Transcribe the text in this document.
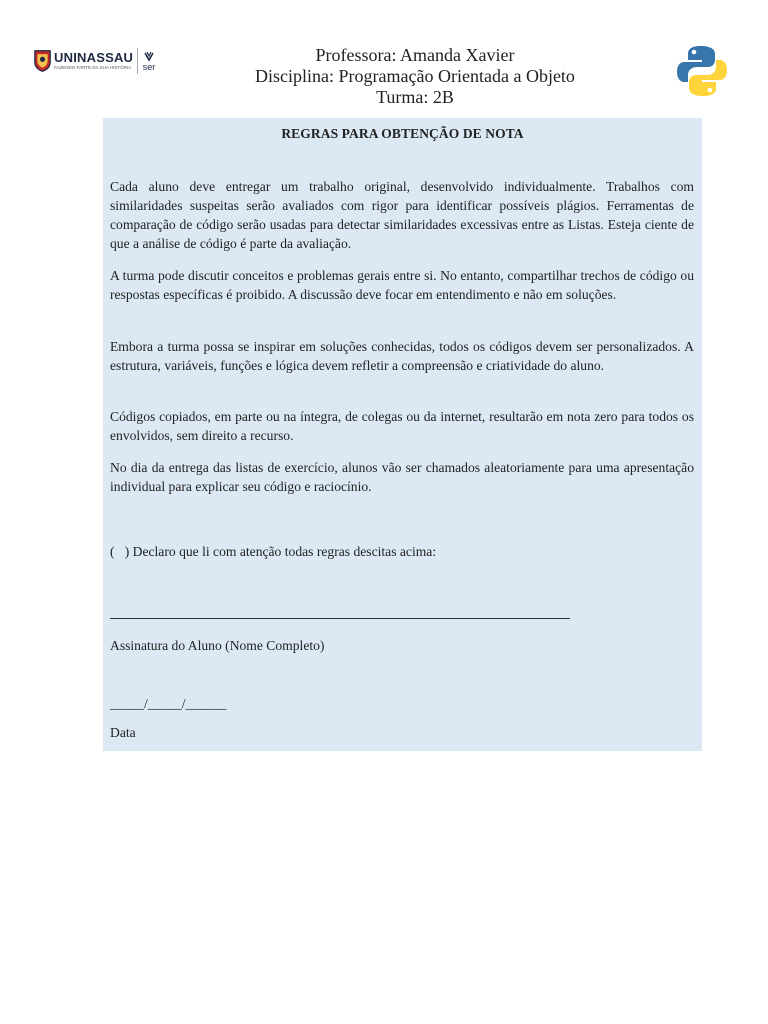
UNINASSAU
FAZENDO PARTE DA SUA HISTÓRIA ser
Professora: Amanda Xavier
Disciplina: Programação Orientada a Objeto
Turma: 2B
REGRAS PARA OBTENÇÃO DE NOTA

Cada aluno deve entregar um trabalho original, desenvolvido individualmente. Trabalhos com similaridades suspeitas serão avaliados com rigor para identificar possíveis plágios. Ferramentas de comparação de código serão usadas para detectar similaridades excessivas entre as Listas. Esteja ciente de que a análise de código é parte da avaliação.

A turma pode discutir conceitos e problemas gerais entre si. No entanto, compartilhar trechos de código ou respostas específicas é proibido. A discussão deve focar em entendimento e não em soluções.

Embora a turma possa se inspirar em soluções conhecidas, todos os códigos devem ser personalizados. A estrutura, variáveis, funções e lógica devem refletir a compreensão e criatividade do aluno.

Códigos copiados, em parte ou na íntegra, de colegas ou da internet, resultarão em nota zero para todos os envolvidos, sem direito a recurso.

No dia da entrega das listas de exercício, alunos vão ser chamados aleatoriamente para uma apresentação individual para explicar seu código e raciocínio.

(   ) Declaro que li com atenção todas regras descitas acima:
Assinatura do Aluno (Nome Completo)
_____/_____/______
Data
